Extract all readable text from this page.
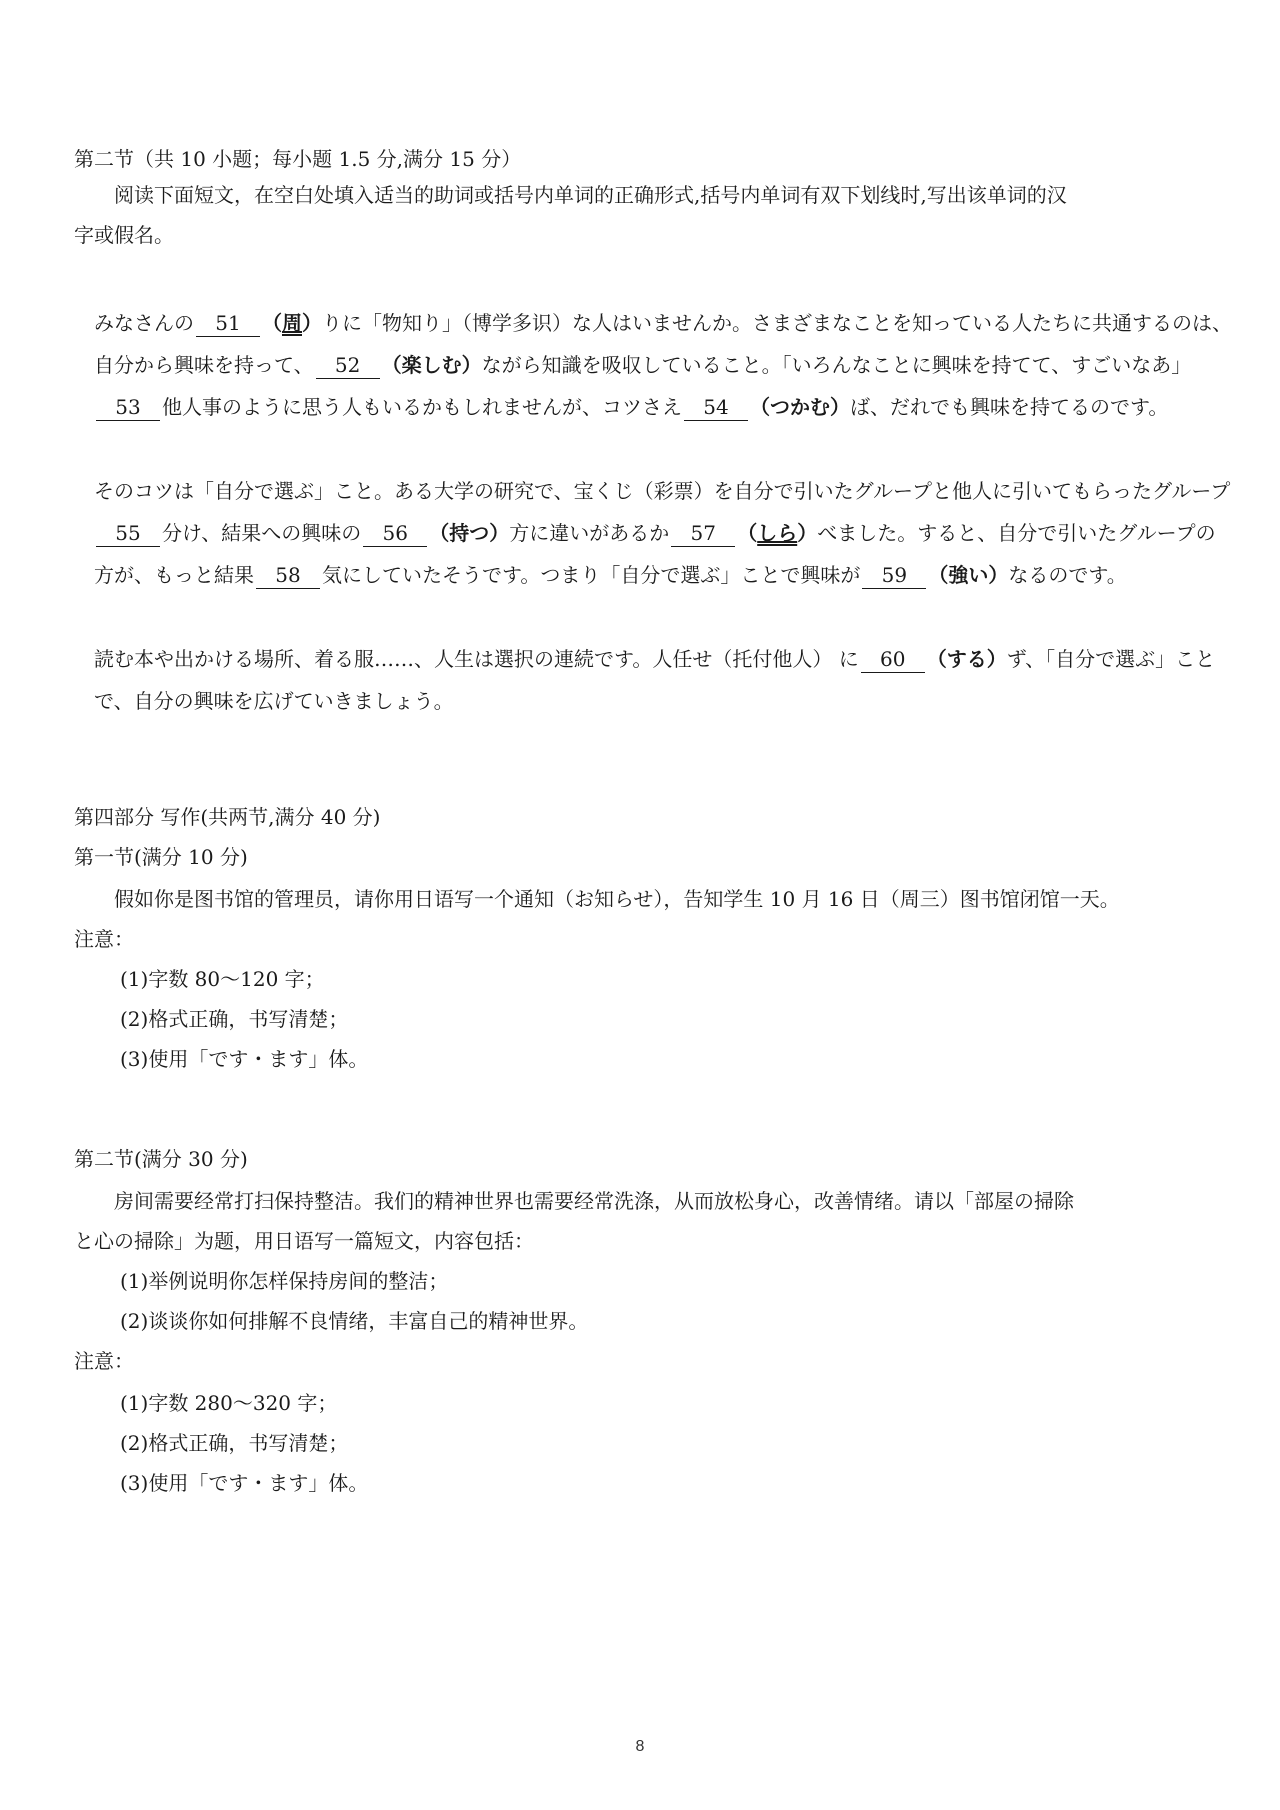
第二节（共 10 小题；每小题 1.5 分,满分 15 分）

阅读下面短文，在空白处填入适当的助词或括号内单词的正确形式,括号内单词有双下划线时,写出该单词的汉

字或假名。

みなさんの 51 （周）りに「物知り」（博学多识）な人はいませんか。さまざまなことを知っている人たちに共通するのは、自分から興味を持って、 52 （楽しむ）ながら知識を吸収していること。「いろんなことに興味を持てて、すごいなあ」53 他人事のように思う人もいるかもしれませんが、コツさえ 54 （つかむ）ば、だれでも興味を持てるのです。

そのコツは「自分で選ぶ」こと。ある大学の研究で、宝くじ（彩票）を自分で引いたグループと他人に引いてもらったグループ55 分け、結果への興味の 56 （持つ）方に違いがあるか 57 （しら）べました。すると、自分で引いたグループの方が、もっと結果 58 気にしていたそうです。つまり「自分で選ぶ」ことで興味が 59 （強い）なるのです。

読む本や出かける場所、着る服……、人生は選択の連続です。人任せ（托付他人） に 60 （する）ず、「自分で選ぶ」ことで、自分の興味を広げていきましょう。

第四部分 写作(共两节,满分 40 分)

第一节(满分 10 分)

假如你是图书馆的管理员，请你用日语写一个通知（お知らせ），告知学生 10 月 16 日（周三）图书馆闭馆一天。

注意：

(1)字数 80～120 字；

(2)格式正确，书写清楚；

(3)使用「です・ます」体。

第二节(满分 30 分)

房间需要经常打扫保持整洁。我们的精神世界也需要经常洗涤，从而放松身心，改善情绪。请以「部屋の掃除

と心の掃除」为题，用日语写一篇短文，内容包括：

(1)举例说明你怎样保持房间的整洁；

(2)谈谈你如何排解不良情绪，丰富自己的精神世界。

注意：

(1)字数 280～320 字；

(2)格式正确，书写清楚；

(3)使用「です・ます」体。

8
